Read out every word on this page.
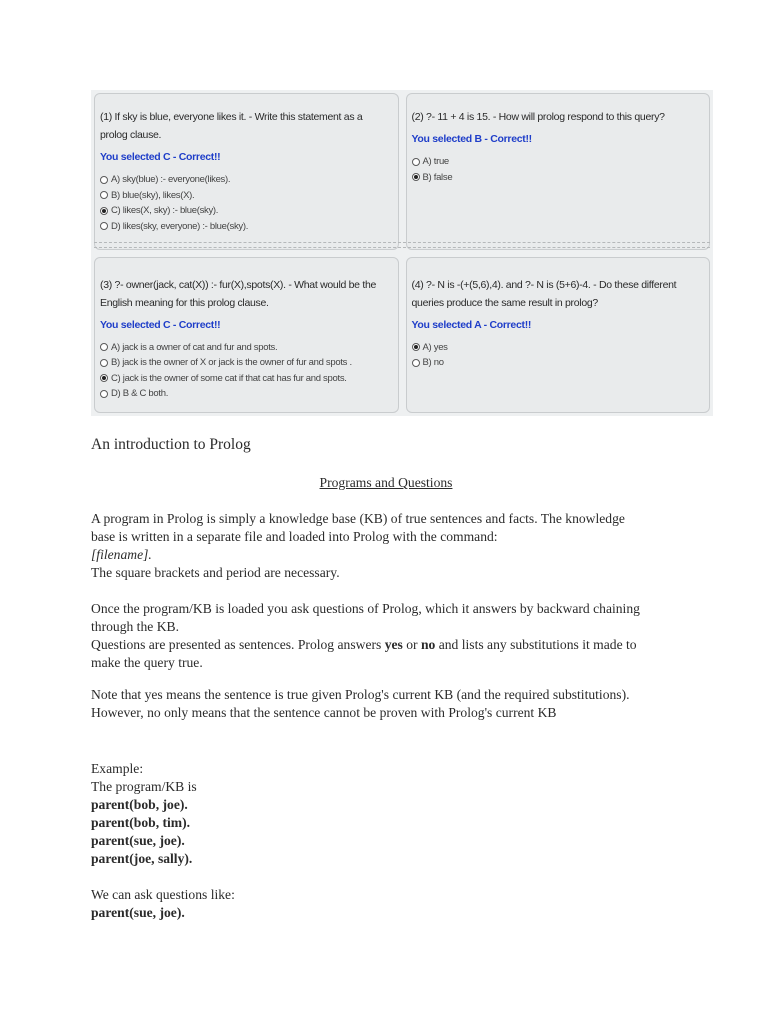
(1) If sky is blue, everyone likes it. - Write this statement as a prolog clause.
You selected C - Correct!!
A) sky(blue) :- everyone(likes).
B) blue(sky), likes(X).
C) likes(X, sky) :- blue(sky).
D) likes(sky, everyone) :- blue(sky).
(2) ?- 11 + 4 is 15. - How will prolog respond to this query?
You selected B - Correct!!
A) true
B) false
(3) ?- owner(jack, cat(X)) :- fur(X),spots(X). - What would be the English meaning for this prolog clause.
You selected C - Correct!!
A) jack is a owner of cat and fur and spots.
B) jack is the owner of X or jack is the owner of fur and spots .
C) jack is the owner of some cat if that cat has fur and spots.
D) B & C both.
(4) ?- N is -(+(5,6),4). and ?- N is (5+6)-4. - Do these different queries produce the same result in prolog?
You selected A - Correct!!
A) yes
B) no
An introduction to Prolog
Programs and Questions
A program in Prolog is simply a knowledge base (KB) of true sentences and facts. The knowledge base is written in a separate file and loaded into Prolog with the command:
[filename].
The square brackets and period are necessary.
Once the program/KB is loaded you ask questions of Prolog, which it answers by backward chaining through the KB.
Questions are presented as sentences. Prolog answers yes or no and lists any substitutions it made to make the query true.
Note that yes means the sentence is true given Prolog's current KB (and the required substitutions). However, no only means that the sentence cannot be proven with Prolog's current KB
Example:
The program/KB is
parent(bob, joe).
parent(bob, tim).
parent(sue, joe).
parent(joe, sally).
We can ask questions like:
parent(sue, joe).
